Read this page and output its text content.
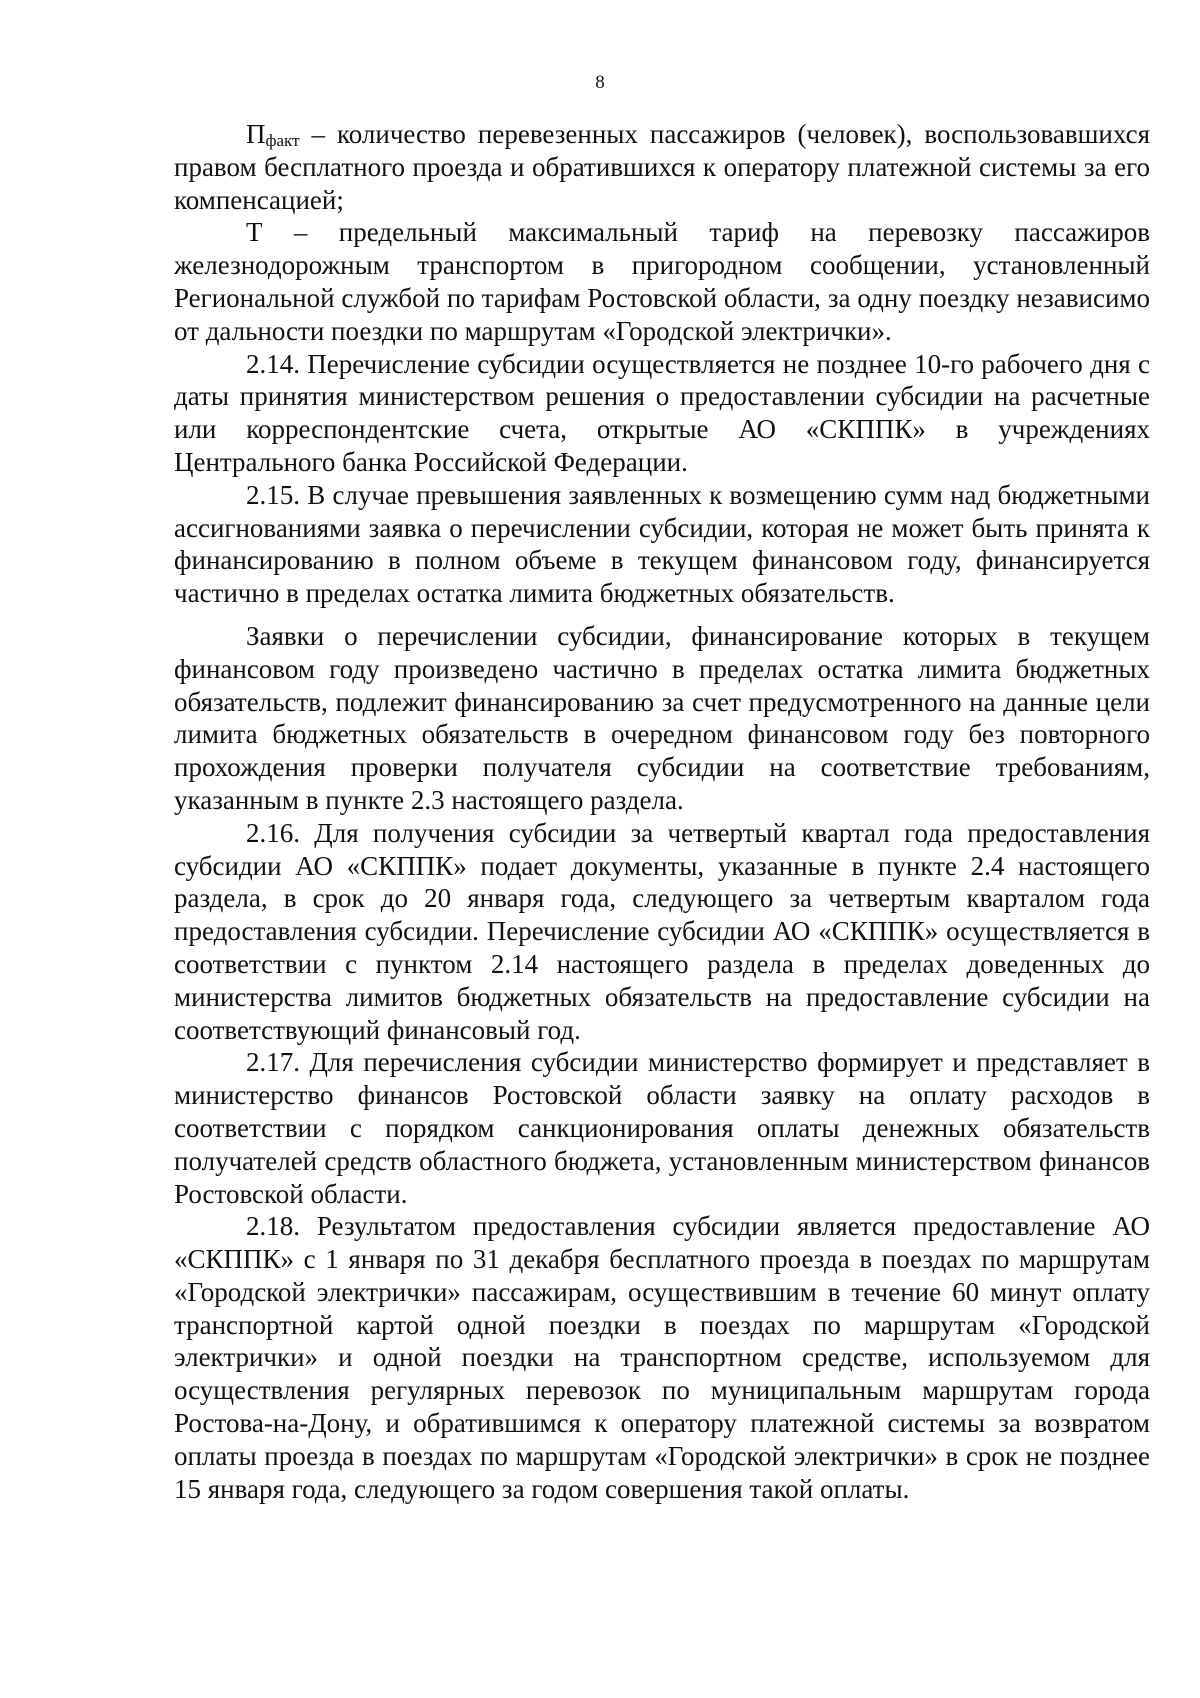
8

Пфакт – количество перевезенных пассажиров (человек), воспользовавшихся правом бесплатного проезда и обратившихся к оператору платежной системы за его компенсацией;

Т – предельный максимальный тариф на перевозку пассажиров железнодорожным транспортом в пригородном сообщении, установленный Региональной службой по тарифам Ростовской области, за одну поездку независимо от дальности поездки по маршрутам «Городской электрички».

2.14. Перечисление субсидии осуществляется не позднее 10-го рабочего дня с даты принятия министерством решения о предоставлении субсидии на расчетные или корреспондентские счета, открытые АО «СКППК» в учреждениях Центрального банка Российской Федерации.

2.15. В случае превышения заявленных к возмещению сумм над бюджетными ассигнованиями заявка о перечислении субсидии, которая не может быть принята к финансированию в полном объеме в текущем финансовом году, финансируется частично в пределах остатка лимита бюджетных обязательств.

Заявки о перечислении субсидии, финансирование которых в текущем финансовом году произведено частично в пределах остатка лимита бюджетных обязательств, подлежит финансированию за счет предусмотренного на данные цели лимита бюджетных обязательств в очередном финансовом году без повторного прохождения проверки получателя субсидии на соответствие требованиям, указанным в пункте 2.3 настоящего раздела.

2.16. Для получения субсидии за четвертый квартал года предоставления субсидии АО «СКППК» подает документы, указанные в пункте 2.4 настоящего раздела, в срок до 20 января года, следующего за четвертым кварталом года предоставления субсидии. Перечисление субсидии АО «СКППК» осуществляется в соответствии с пунктом 2.14 настоящего раздела в пределах доведенных до министерства лимитов бюджетных обязательств на предоставление субсидии на соответствующий финансовый год.

2.17. Для перечисления субсидии министерство формирует и представляет в министерство финансов Ростовской области заявку на оплату расходов в соответствии с порядком санкционирования оплаты денежных обязательств получателей средств областного бюджета, установленным министерством финансов Ростовской области.

2.18. Результатом предоставления субсидии является предоставление АО «СКППК» с 1 января по 31 декабря бесплатного проезда в поездах по маршрутам «Городской электрички» пассажирам, осуществившим в течение 60 минут оплату транспортной картой одной поездки в поездах по маршрутам «Городской электрички» и одной поездки на транспортном средстве, используемом для осуществления регулярных перевозок по муниципальным маршрутам города Ростова-на-Дону, и обратившимся к оператору платежной системы за возвратом оплаты проезда в поездах по маршрутам «Городской электрички» в срок не позднее 15 января года, следующего за годом совершения такой оплаты.
